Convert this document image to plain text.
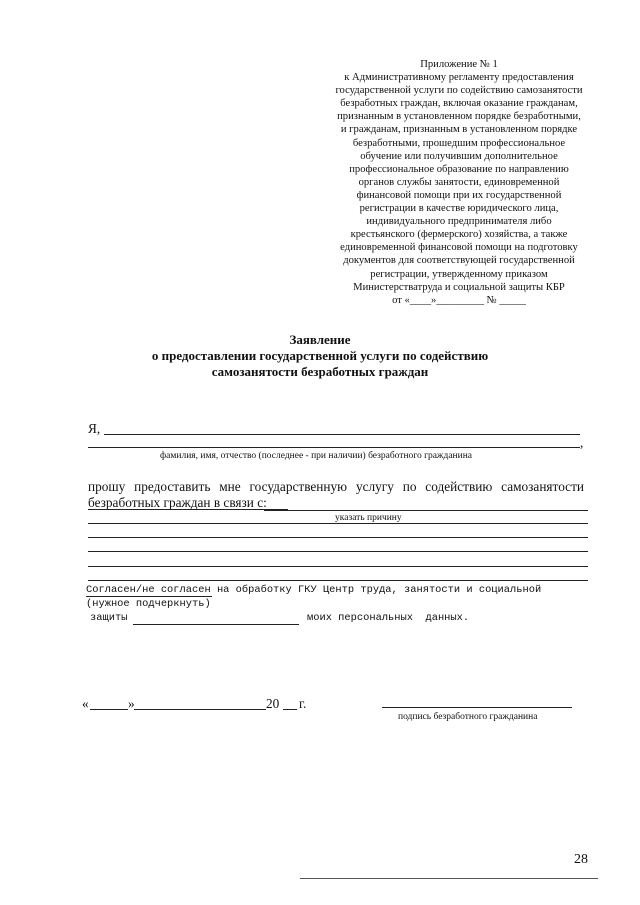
Приложение № 1
к Административному регламенту предоставления
государственной услуги по содействию самозанятости
безработных граждан, включая оказание гражданам,
признанным в установленном порядке безработными,
и гражданам, признанным в установленном порядке
безработными, прошедшим профессиональное
обучение или получившим дополнительное
профессиональное образование по направлению
органов службы занятости, единовременной
финансовой помощи при их государственной
регистрации в качестве юридического лица,
индивидуального предпринимателя либо
крестьянского (фермерского) хозяйства, а также
единовременной финансовой помощи на подготовку
документов для соответствующей государственной
регистрации, утвержденному приказом
Министерстватруда и социальной защиты КБР
от «____»_________ № _____
Заявление
о предоставлении государственной услуги по содействию
самозанятости безработных граждан
Я,
,
фамилия, имя, отчество (последнее - при наличии) безработного гражданина
прошу предоставить мне государственную услугу по содействию самозанятости
безработных граждан в связи с:
указать причину
Согласен/не согласен на обработку ГКУ Центр труда, занятости и социальной
(нужное подчеркнуть)
защиты	моих персональных  данных.
«	»	20 г.
подпись безработного гражданина
28
